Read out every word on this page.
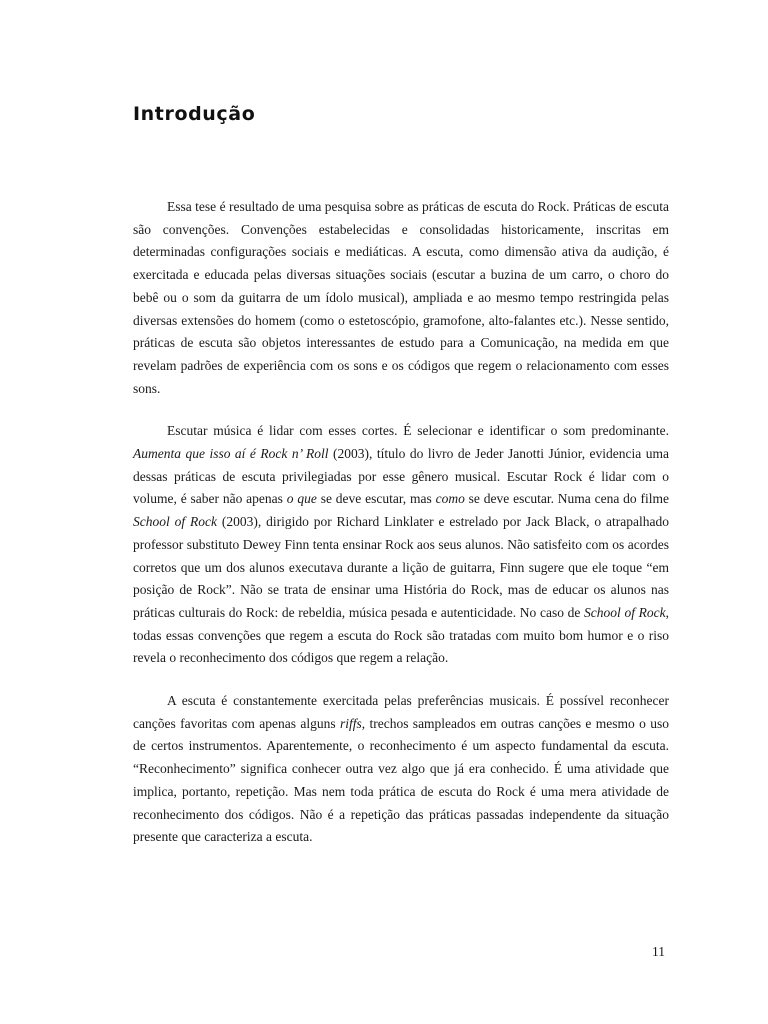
Introdução

Essa tese é resultado de uma pesquisa sobre as práticas de escuta do Rock. Práticas de escuta são convenções. Convenções estabelecidas e consolidadas historicamente, inscritas em determinadas configurações sociais e mediáticas. A escuta, como dimensão ativa da audição, é exercitada e educada pelas diversas situações sociais (escutar a buzina de um carro, o choro do bebê ou o som da guitarra de um ídolo musical), ampliada e ao mesmo tempo restringida pelas diversas extensões do homem (como o estetoscópio, gramofone, alto-falantes etc.). Nesse sentido, práticas de escuta são objetos interessantes de estudo para a Comunicação, na medida em que revelam padrões de experiência com os sons e os códigos que regem o relacionamento com esses sons.

Escutar música é lidar com esses cortes. É selecionar e identificar o som predominante. Aumenta que isso aí é Rock n’ Roll (2003), título do livro de Jeder Janotti Júnior, evidencia uma dessas práticas de escuta privilegiadas por esse gênero musical. Escutar Rock é lidar com o volume, é saber não apenas o que se deve escutar, mas como se deve escutar. Numa cena do filme School of Rock (2003), dirigido por Richard Linklater e estrelado por Jack Black, o atrapalhado professor substituto Dewey Finn tenta ensinar Rock aos seus alunos. Não satisfeito com os acordes corretos que um dos alunos executava durante a lição de guitarra, Finn sugere que ele toque “em posição de Rock”. Não se trata de ensinar uma História do Rock, mas de educar os alunos nas práticas culturais do Rock: de rebeldia, música pesada e autenticidade. No caso de School of Rock, todas essas convenções que regem a escuta do Rock são tratadas com muito bom humor e o riso revela o reconhecimento dos códigos que regem a relação.

A escuta é constantemente exercitada pelas preferências musicais. É possível reconhecer canções favoritas com apenas alguns riffs, trechos sampleados em outras canções e mesmo o uso de certos instrumentos. Aparentemente, o reconhecimento é um aspecto fundamental da escuta. “Reconhecimento” significa conhecer outra vez algo que já era conhecido. É uma atividade que implica, portanto, repetição. Mas nem toda prática de escuta do Rock é uma mera atividade de reconhecimento dos códigos. Não é a repetição das práticas passadas independente da situação presente que caracteriza a escuta.

11
